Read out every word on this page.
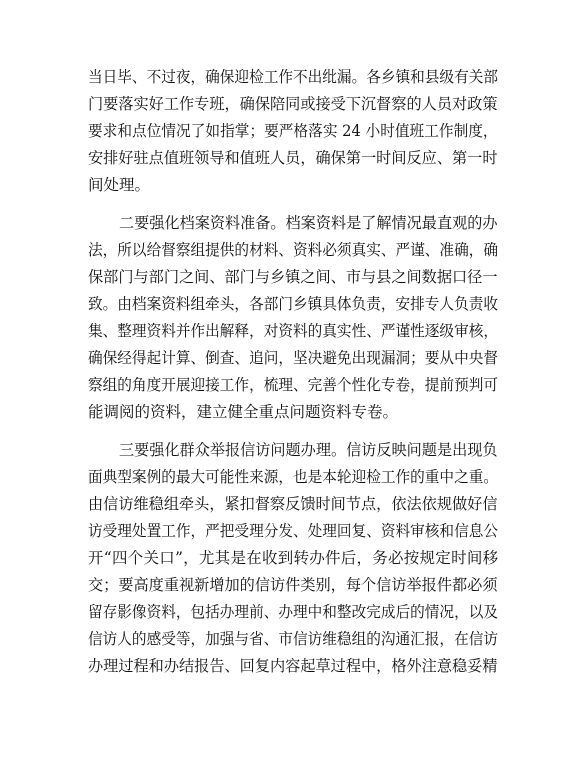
当日毕、不过夜，确保迎检工作不出纰漏。各乡镇和县级有关部
门要落实好工作专班，确保陪同或接受下沉督察的人员对政策
要求和点位情况了如指掌；要严格落实 24 小时值班工作制度，
安排好驻点值班领导和值班人员，确保第一时间反应、第一时
间处理。
二要强化档案资料准备。档案资料是了解情况最直观的办
法，所以给督察组提供的材料、资料必须真实、严谨、准确，确
保部门与部门之间、部门与乡镇之间、市与县之间数据口径一
致。由档案资料组牵头，各部门乡镇具体负责，安排专人负责收
集、整理资料并作出解释，对资料的真实性、严谨性逐级审核，
确保经得起计算、倒查、追问，坚决避免出现漏洞；要从中央督
察组的角度开展迎接工作，梳理、完善个性化专卷，提前预判可
能调阅的资料，建立健全重点问题资料专卷。
三要强化群众举报信访问题办理。信访反映问题是出现负
面典型案例的最大可能性来源，也是本轮迎检工作的重中之重。
由信访维稳组牵头，紧扣督察反馈时间节点，依法依规做好信
访受理处置工作，严把受理分发、处理回复、资料审核和信息公
开“四个关口”，尤其是在收到转办件后，务必按规定时间移
交；要高度重视新增加的信访件类别，每个信访举报件都必须
留存影像资料，包括办理前、办理中和整改完成后的情况，以及
信访人的感受等，加强与省、市信访维稳组的沟通汇报，在信访
办理过程和办结报告、回复内容起草过程中，格外注意稳妥精
